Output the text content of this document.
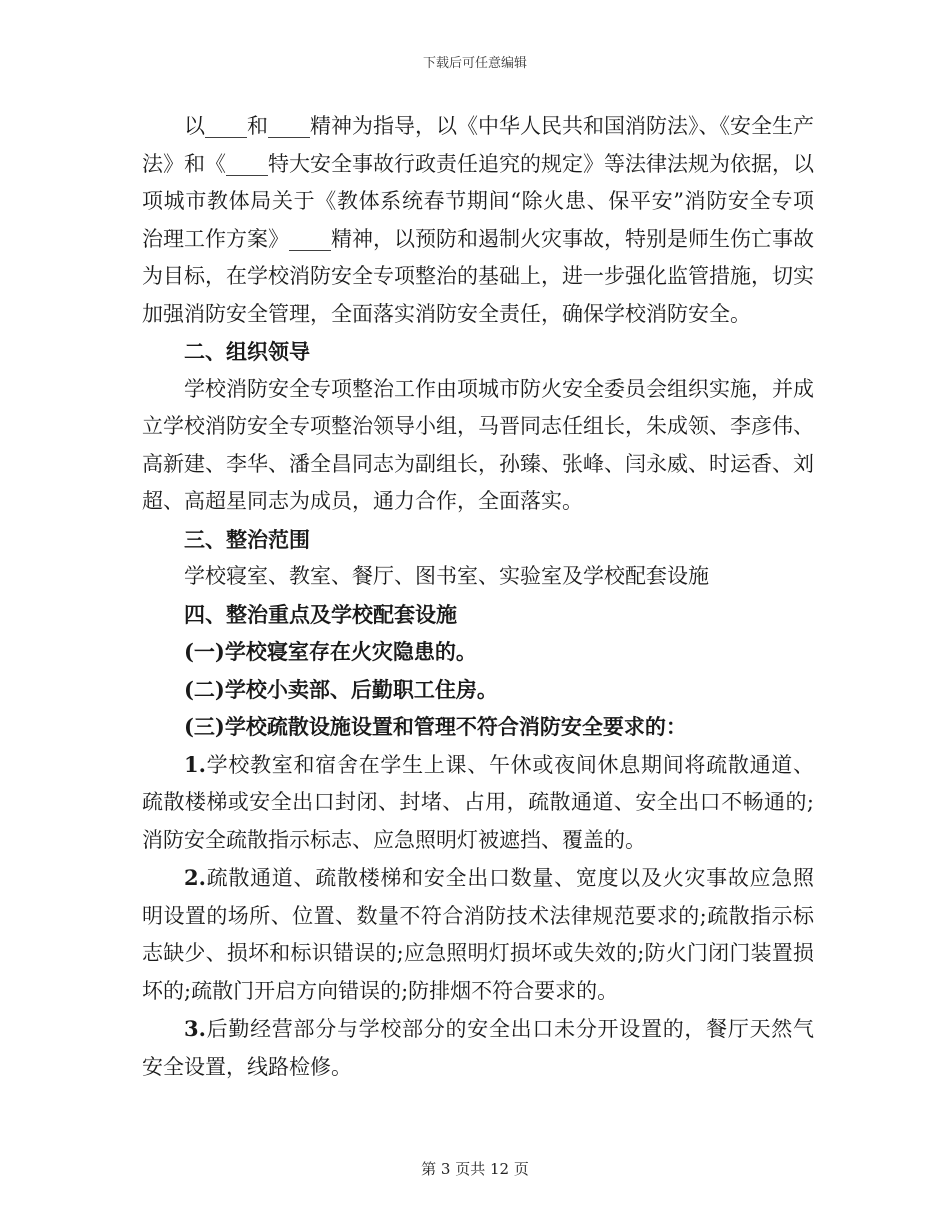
下载后可任意编辑

以____和____精神为指导，以《中华人民共和国消防法》、《安全生产法》和《____特大安全事故行政责任追究的规定》等法律法规为依据，以项城市教体局关于《教体系统春节期间“除火患、保平安”消防安全专项治理工作方案》____精神，以预防和遏制火灾事故，特别是师生伤亡事故为目标，在学校消防安全专项整治的基础上，进一步强化监管措施，切实加强消防安全管理，全面落实消防安全责任，确保学校消防安全。

二、组织领导

学校消防安全专项整治工作由项城市防火安全委员会组织实施，并成立学校消防安全专项整治领导小组，马晋同志任组长，朱成领、李彦伟、高新建、李华、潘全昌同志为副组长，孙臻、张峰、闫永威、时运香、刘超、高超星同志为成员，通力合作，全面落实。

三、整治范围

学校寝室、教室、餐厅、图书室、实验室及学校配套设施

四、整治重点及学校配套设施

(一)学校寝室存在火灾隐患的。

(二)学校小卖部、后勤职工住房。

(三)学校疏散设施设置和管理不符合消防安全要求的：

1.学校教室和宿舍在学生上课、午休或夜间休息期间将疏散通道、疏散楼梯或安全出口封闭、封堵、占用，疏散通道、安全出口不畅通的;消防安全疏散指示标志、应急照明灯被遮挡、覆盖的。

2.疏散通道、疏散楼梯和安全出口数量、宽度以及火灾事故应急照明设置的场所、位置、数量不符合消防技术法律规范要求的;疏散指示标志缺少、损坏和标识错误的;应急照明灯损坏或失效的;防火门闭门装置损坏的;疏散门开启方向错误的;防排烟不符合要求的。

3.后勤经营部分与学校部分的安全出口未分开设置的，餐厅天然气安全设置，线路检修。

第 3 页共 12 页
